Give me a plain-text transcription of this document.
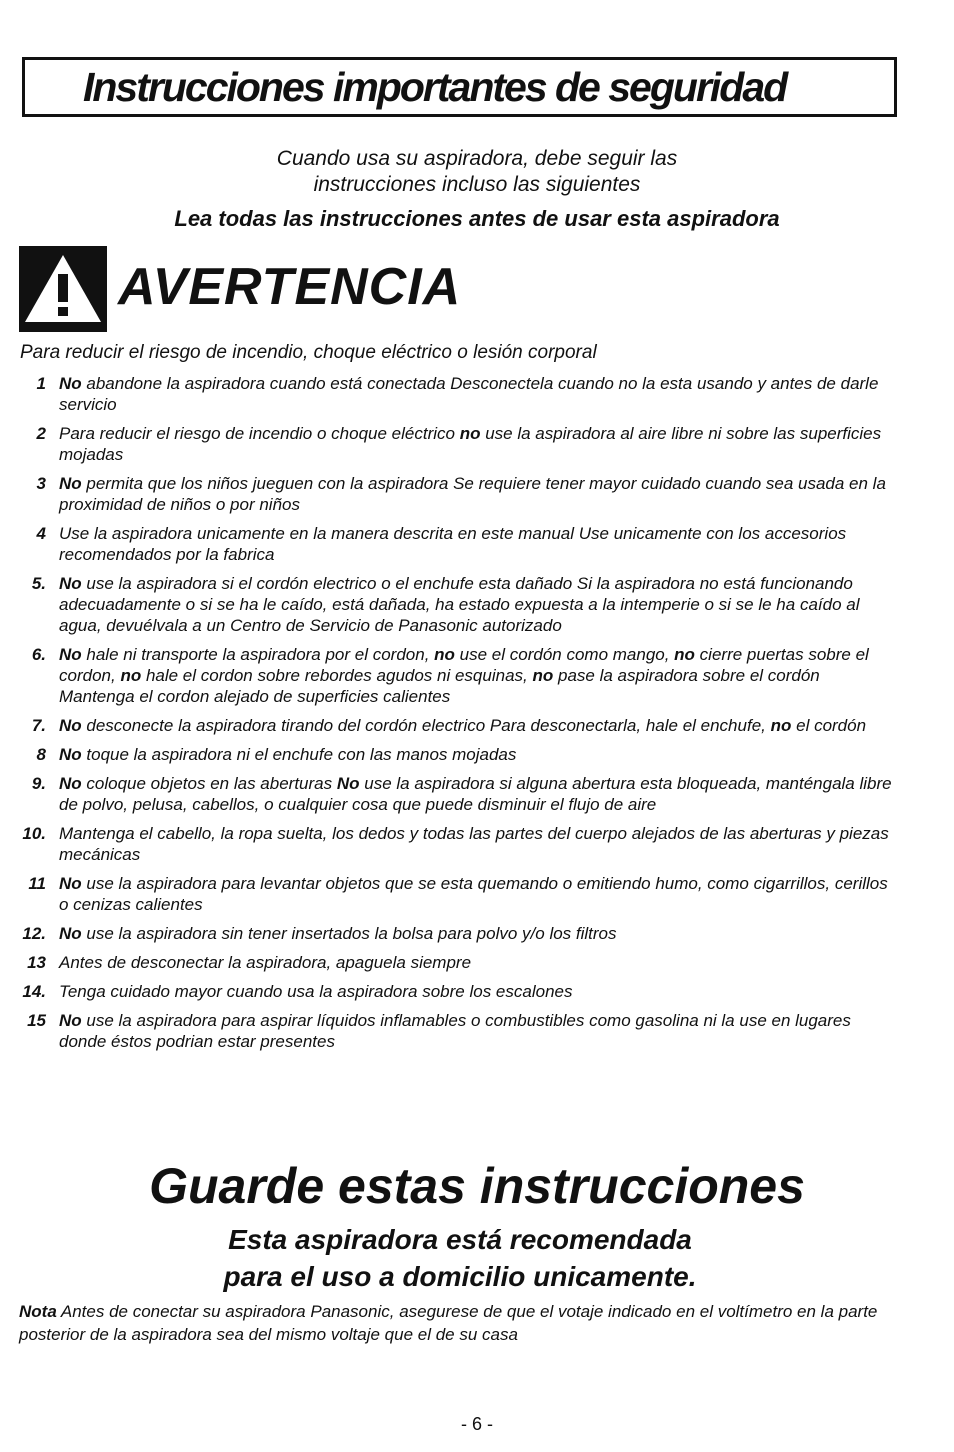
Instrucciones importantes de seguridad
Cuando usa su aspiradora, debe seguir las
instrucciones incluso las siguientes
Lea todas las instrucciones antes de usar esta aspiradora
AVERTENCIA
Para reducir el riesgo de incendio, choque eléctrico o lesión corporal
1 No abandone la aspiradora cuando está conectada Desconectela cuando no la esta usando y antes de darle servicio
2 Para reducir el riesgo de incendio o choque eléctrico no use la aspiradora al aire libre ni sobre las superficies mojadas
3 No permita que los niños jueguen con la aspiradora Se requiere tener mayor cuidado cuando sea usada en la proximidad de niños o por niños
4 Use la aspiradora unicamente en la manera descrita en este manual Use unicamente con los accesorios recomendados por la fabrica
5. No use la aspiradora si el cordón electrico o el enchufe esta dañado Si la aspiradora no está funcionando adecuadamente o si se ha le caído, está dañada, ha estado expuesta a la intemperie o si se le ha caído al agua, devuélvala a un Centro de Servicio de Panasonic autorizado
6. No hale ni transporte la aspiradora por el cordon, no use el cordón como mango, no cierre puertas sobre el cordon, no hale el cordon sobre rebordes agudos ni esquinas, no pase la aspiradora sobre el cordón Mantenga el cordon alejado de superficies calientes
7. No desconecte la aspiradora tirando del cordón electrico Para desconectarla, hale el enchufe, no el cordón
8 No toque la aspiradora ni el enchufe con las manos mojadas
9. No coloque objetos en las aberturas No use la aspiradora si alguna abertura esta bloqueada, manténgala libre de polvo, pelusa, cabellos, o cualquier cosa que puede disminuir el flujo de aire
10. Mantenga el cabello, la ropa suelta, los dedos y todas las partes del cuerpo alejados de las aberturas y piezas mecánicas
11 No use la aspiradora para levantar objetos que se esta quemando o emitiendo humo, como cigarrillos, cerillos o cenizas calientes
12. No use la aspiradora sin tener insertados la bolsa para polvo y/o los filtros
13 Antes de desconectar la aspiradora, apaguela siempre
14. Tenga cuidado mayor cuando usa la aspiradora sobre los escalones
15 No use la aspiradora para aspirar líquidos inflamables o combustibles como gasolina ni la use en lugares donde éstos podrian estar presentes
Guarde estas instrucciones
Esta aspiradora está recomendada
para el uso a domicilio unicamente.
Nota Antes de conectar su aspiradora Panasonic, asegurese de que el votaje indicado en el voltímetro en la parte posterior de la aspiradora sea del mismo voltaje que el de su casa
- 6 -
